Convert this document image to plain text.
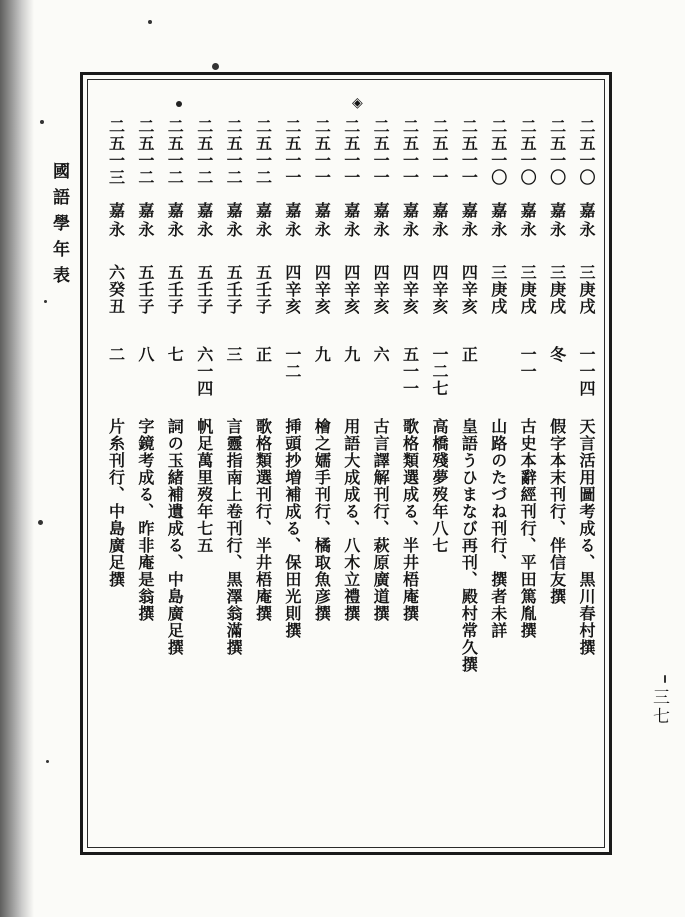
◈
國語學年表
三七
二五一〇
嘉永
三庚戌
一一四
天言活用圖考成る、黒川春村撰
二五一〇
嘉永
三庚戌
冬
假字本末刊行、伴信友撰
二五一〇
嘉永
三庚戌
一一
古史本辭經刊行、平田篤胤撰
二五一〇
嘉永
三庚戌
山路のたづね刊行、撰者未詳
二五一一
嘉永
四辛亥
正
皇語うひまなび再刊、殿村常久撰
二五一一
嘉永
四辛亥
一二七
高橋殘夢歿年八七
二五一一
嘉永
四辛亥
五一一
歌格類選成る、半井梧庵撰
二五一一
嘉永
四辛亥
六
古言譯解刊行、萩原廣道撰
二五一一
嘉永
四辛亥
九
用語大成成る、八木立禮撰
二五一一
嘉永
四辛亥
九
檜之嬬手刊行、橘取魚彦撰
二五一一
嘉永
四辛亥
一二
挿頭抄増補成る、保田光則撰
二五一二
嘉永
五壬子
正
歌格類選刊行、半井梧庵撰
二五一二
嘉永
五壬子
三
言靈指南上卷刊行、黒澤翁滿撰
二五一二
嘉永
五壬子
六一四
帆足萬里歿年七五
二五一二
嘉永
五壬子
七
詞の玉緒補遺成る、中島廣足撰
二五一二
嘉永
五壬子
八
字鏡考成る、昨非庵是翁撰
二五一三
嘉永
六癸丑
二
片糸刊行、中島廣足撰
